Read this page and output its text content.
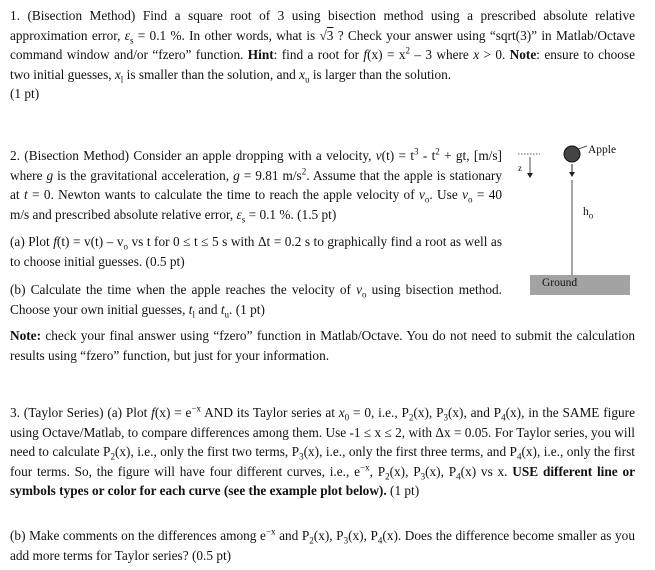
1. (Bisection Method) Find a square root of 3 using bisection method using a prescribed absolute relative approximation error, $\varepsilon_s = 0.1$ %. In other words, what is √3 ? Check your answer using “sqrt(3)” in Matlab/Octave command window and/or “fzero” function. Hint: find a root for $f(x) = x^2 - 3$ where x > 0. Note: ensure to choose two initial guesses, $x_l$ is smaller than the solution, and $x_u$ is larger than the solution.

(1 pt)

2. (Bisection Method) Consider an apple dropping with a velocity, $v(t) = t^3 - t^2$ + gt, [m/s] where g is the gravitational acceleration, g = 9.81 $m/s^2$. Assume that the apple is stationary at t = 0. Newton wants to calculate the time to reach the apple velocity of $v_o$. Use $v_o = 40$ m/s and prescribed absolute relative error, $\varepsilon_s = 0.1$ %. (1.5 pt)

(a) Plot $f(t) = v(t) - v_o$ vs t for 0 ≤ t ≤ 5 s with Δt = 0.2 s to graphically find a root as well as to choose initial guesses. (0.5 pt)

(b) Calculate the time when the apple reaches the velocity of $v_o$ using bisection method. Choose your own initial guesses, $t_l$ and $t_u$. (1 pt)

Note: check your final answer using “fzero” function in Matlab/Octave. You do not need to submit the calculation results using “fzero” function, but just for your information.

z
Apple
$h_o$
Ground

3. (Taylor Series) (a) Plot $f(x) = e^{-x}$ AND its Taylor series at $x_0 = 0$, i.e., $P_2(x)$, $P_3(x)$, and $P_4(x)$, in the SAME figure using Octave/Matlab, to compare differences among them. Use -1 ≤ x ≤ 2, with Δx = 0.05. For Taylor series, you will need to calculate $P_2(x)$, i.e., only the first two terms, $P_3(x)$, i.e., only the first three terms, and $P_4(x)$, i.e., only the first four terms. So, the figure will have four different curves, i.e., $e^{-x}$, $P_2(x)$, $P_3(x)$, $P_4(x)$ vs x. USE different line or symbols types or color for each curve (see the example plot below). (1 pt)

(b) Make comments on the differences among $e^{-x}$ and $P_2(x)$, $P_3(x)$, $P_4(x)$. Does the difference become smaller as you add more terms for Taylor series? (0.5 pt)
